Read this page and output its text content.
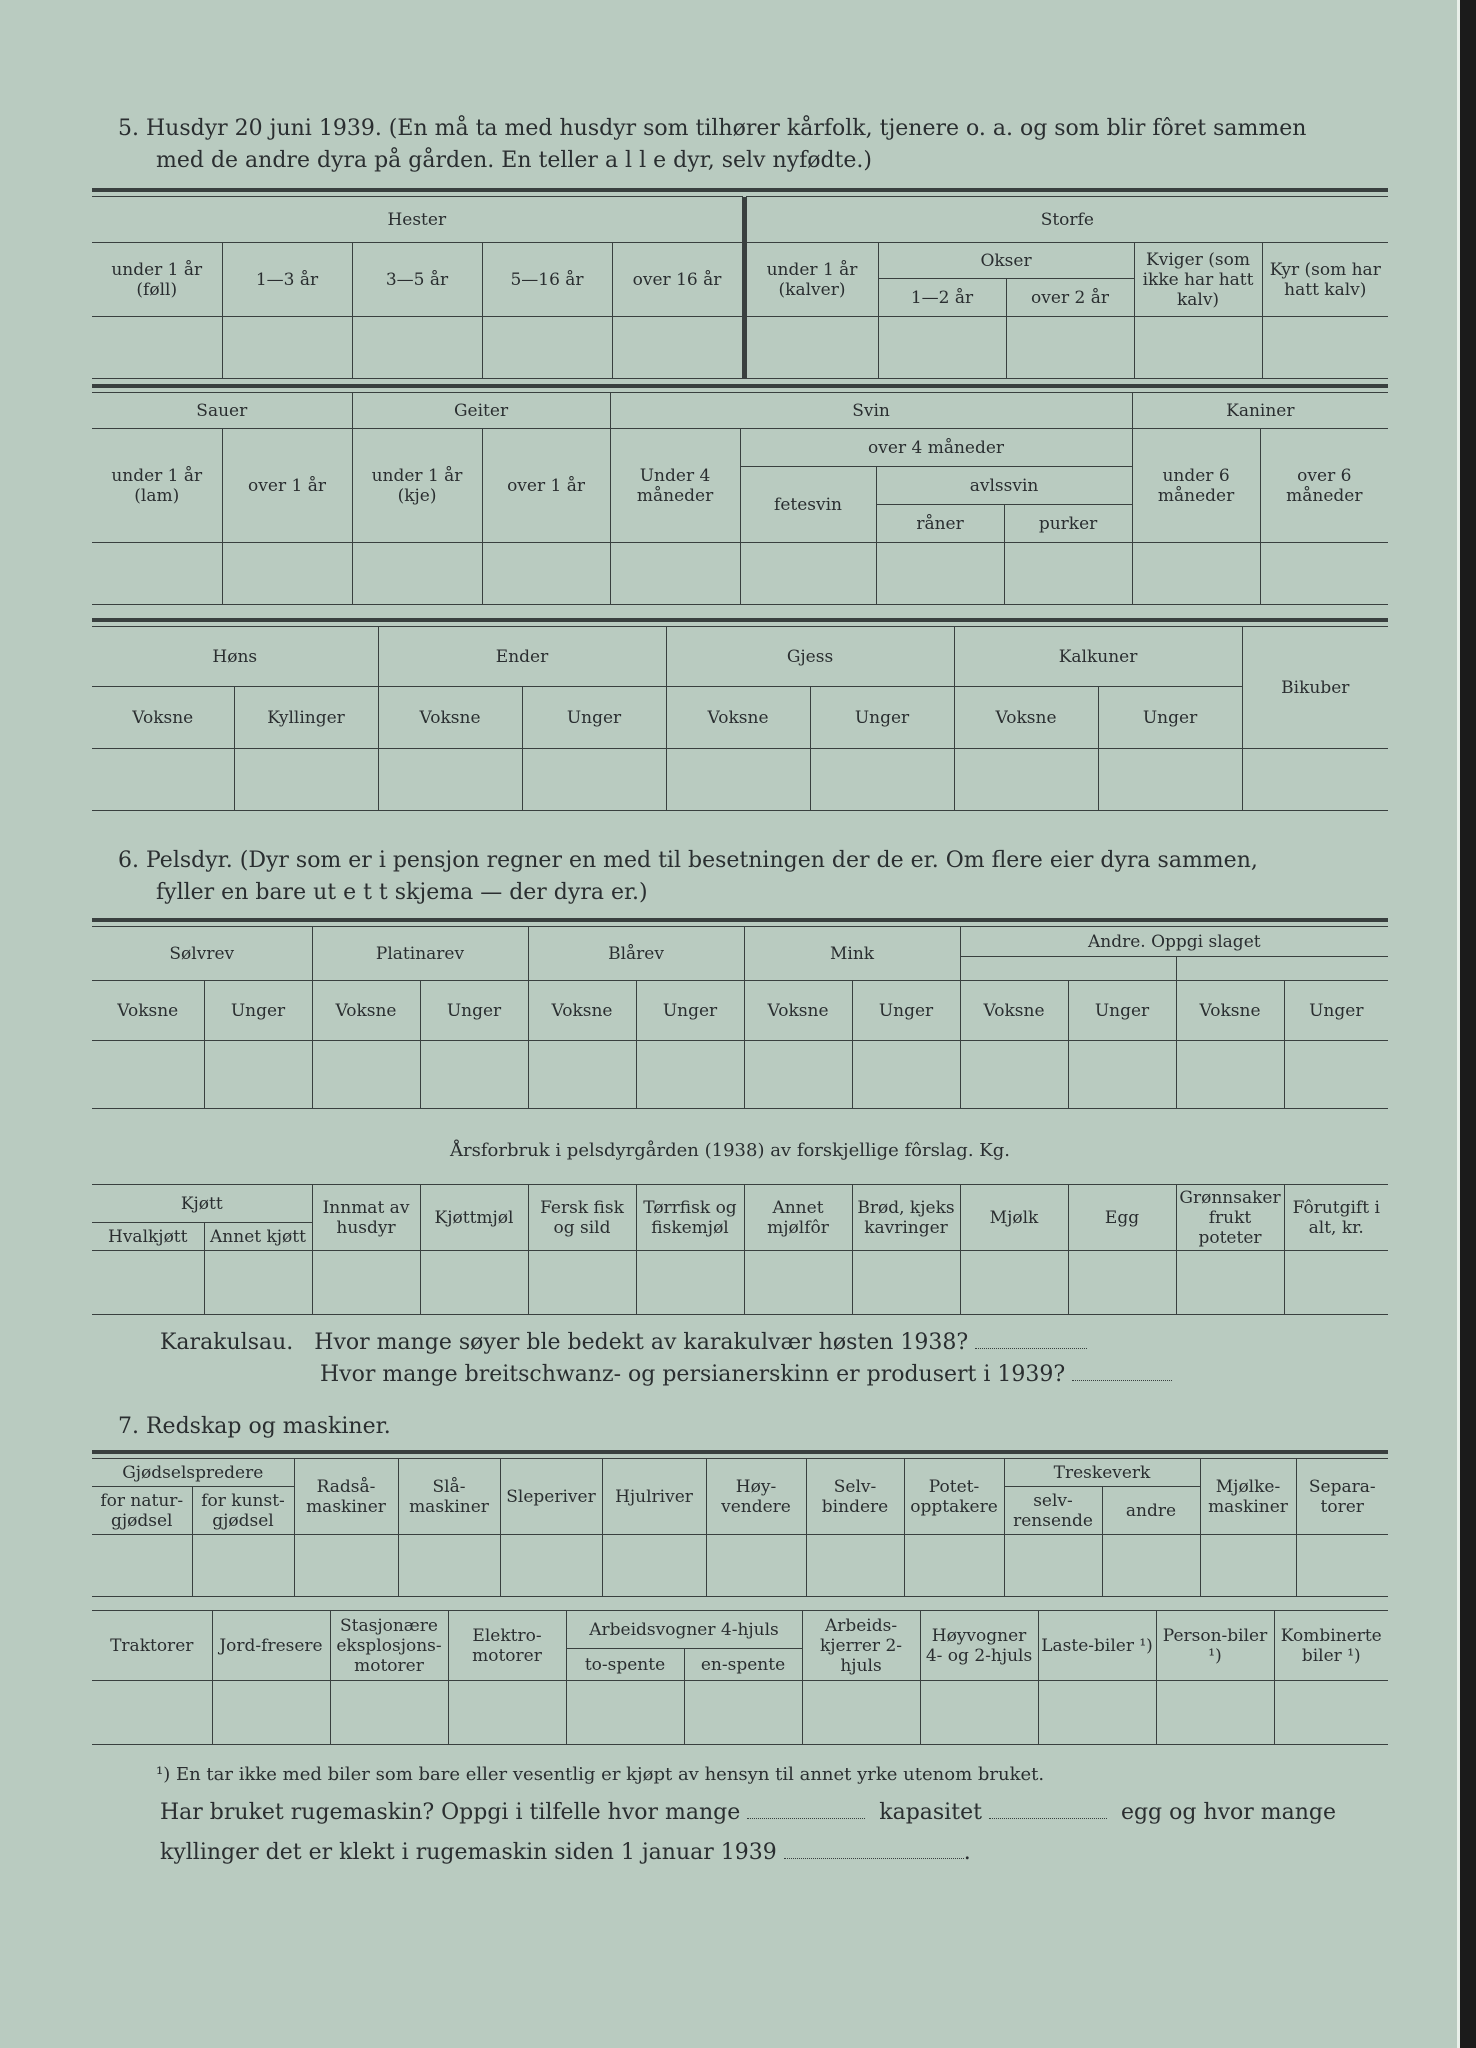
5. Husdyr 20 juni 1939. (En må ta med husdyr som tilhører kårfolk, tjenere o. a. og som blir fôret sammen
med de andre dyra på gården. En teller a l l e dyr, selv nyfødte.)
Hester						Storfe				
under 1 år (føll)	1—3 år	3—5 år	5—16 år	over 16 år		under 1 år (kalver)	Okser		Kviger (som ikke har hatt kalv)	Kyr (som har hatt kalv)
							1—2 år	over 2 år		

Sauer		Geiter		Svin				Kaniner	
under 1 år (lam)	over 1 år	under 1 år (kje)	over 1 år	Under 4 måneder	over 4 måneder			under 6 måneder	over 6 måneder
					fetesvin	avlssvin			
						råner	purker		

Høns		Ender		Gjess		Kalkuner		Bikuber
Voksne	Kyllinger	Voksne	Unger	Voksne	Unger	Voksne	Unger	

6. Pelsdyr. (Dyr som er i pensjon regner en med til besetningen der de er. Om flere eier dyra sammen,
fyller en bare ut e t t skjema — der dyra er.)
Sølvrev		Platinarev		Blårev		Mink		Andre. Oppgi slaget			

Voksne	Unger	Voksne	Unger	Voksne	Unger	Voksne	Unger	Voksne	Unger	Voksne	Unger

Årsforbruk i pelsdyrgården (1938) av forskjellige fôrslag. Kg.
Kjøtt		Innmat av husdyr	Kjøttmjøl	Fersk fisk og sild	Tørrfisk og fiskemjøl	Annet mjølfôr	Brød, kjeks kavringer	Mjølk	Egg	Grønnsaker frukt poteter	Fôrutgift i alt, kr.
Hvalkjøtt	Annet kjøtt										

Karakulsau. Hvor mange søyer ble bedekt av karakulvær høsten 1938?
Hvor mange breitschwanz- og persianerskinn er produsert i 1939?
7. Redskap og maskiner.
Gjødselspredere		Radså-maskiner	Slå-maskiner	Sleperiver	Hjulriver	Høy-vendere	Selv-bindere	Potet-opptakere	Treskeverk		Mjølke-maskiner	Separa-torer
for natur-gjødsel	for kunst-gjødsel								selv-rensende	andre		

Traktorer	Jord-freserе	Stasjonære eksplosjons-motorer	Elektro-motorer	Arbeidsvogner 4-hjuls		Arbeids-kjerrer 2-hjuls	Høyvogner 4- og 2-hjuls	Laste-biler ¹)	Person-biler ¹)	Kombinerte biler ¹)
				to-spente	en-spente					

¹) En tar ikke med biler som bare eller vesentlig er kjøpt av hensyn til annet yrke utenom bruket.
Har bruket rugemaskin? Oppgi i tilfelle hvor mange	kapasitet	egg og hvor mange
kyllinger det er klekt i rugemaskin siden 1 januar 1939	.
